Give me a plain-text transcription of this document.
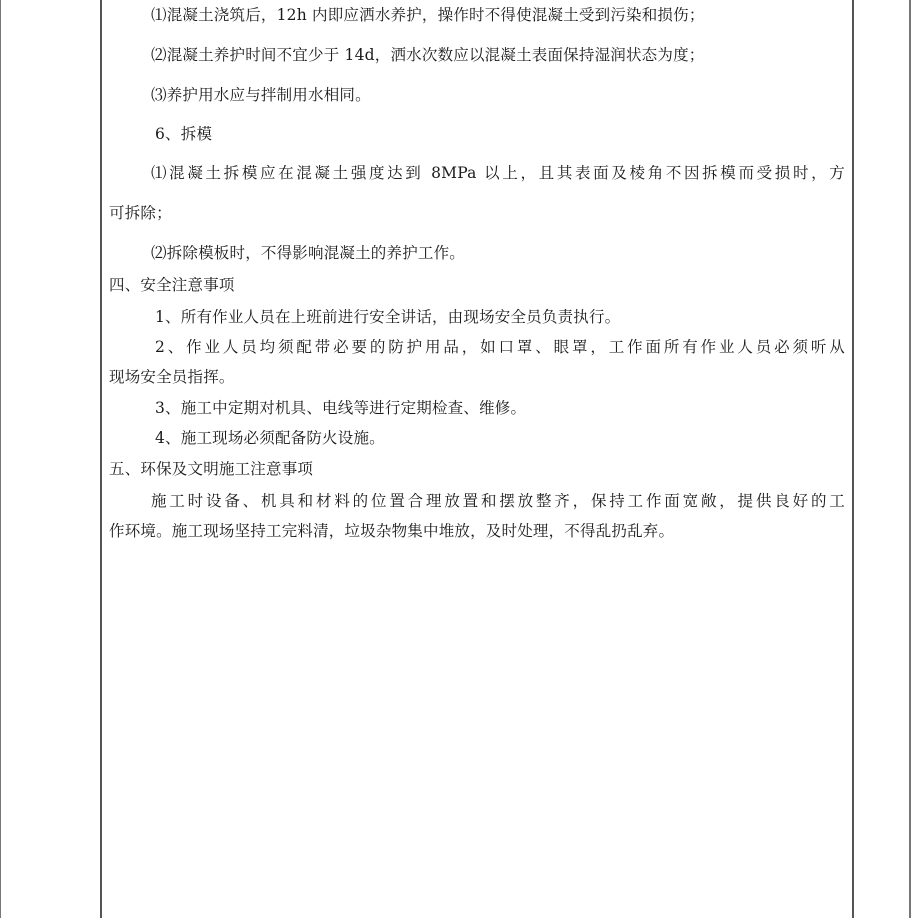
⑴混凝土浇筑后，12h 内即应洒水养护，操作时不得使混凝土受到污染和损伤；
⑵混凝土养护时间不宜少于 14d，洒水次数应以混凝土表面保持湿润状态为度；
⑶养护用水应与拌制用水相同。
6、拆模
⑴混凝土拆模应在混凝土强度达到 8MPa 以上，且其表面及棱角不因拆模而受损时，方
可拆除；
⑵拆除模板时，不得影响混凝土的养护工作。
四、安全注意事项
1、所有作业人员在上班前进行安全讲话，由现场安全员负责执行。
2、作业人员均须配带必要的防护用品，如口罩、眼罩，工作面所有作业人员必须听从
现场安全员指挥。
3、施工中定期对机具、电线等进行定期检查、维修。
4、施工现场必须配备防火设施。
五、环保及文明施工注意事项
施工时设备、机具和材料的位置合理放置和摆放整齐，保持工作面宽敞，提供良好的工
作环境。施工现场坚持工完料清，垃圾杂物集中堆放，及时处理，不得乱扔乱弃。
